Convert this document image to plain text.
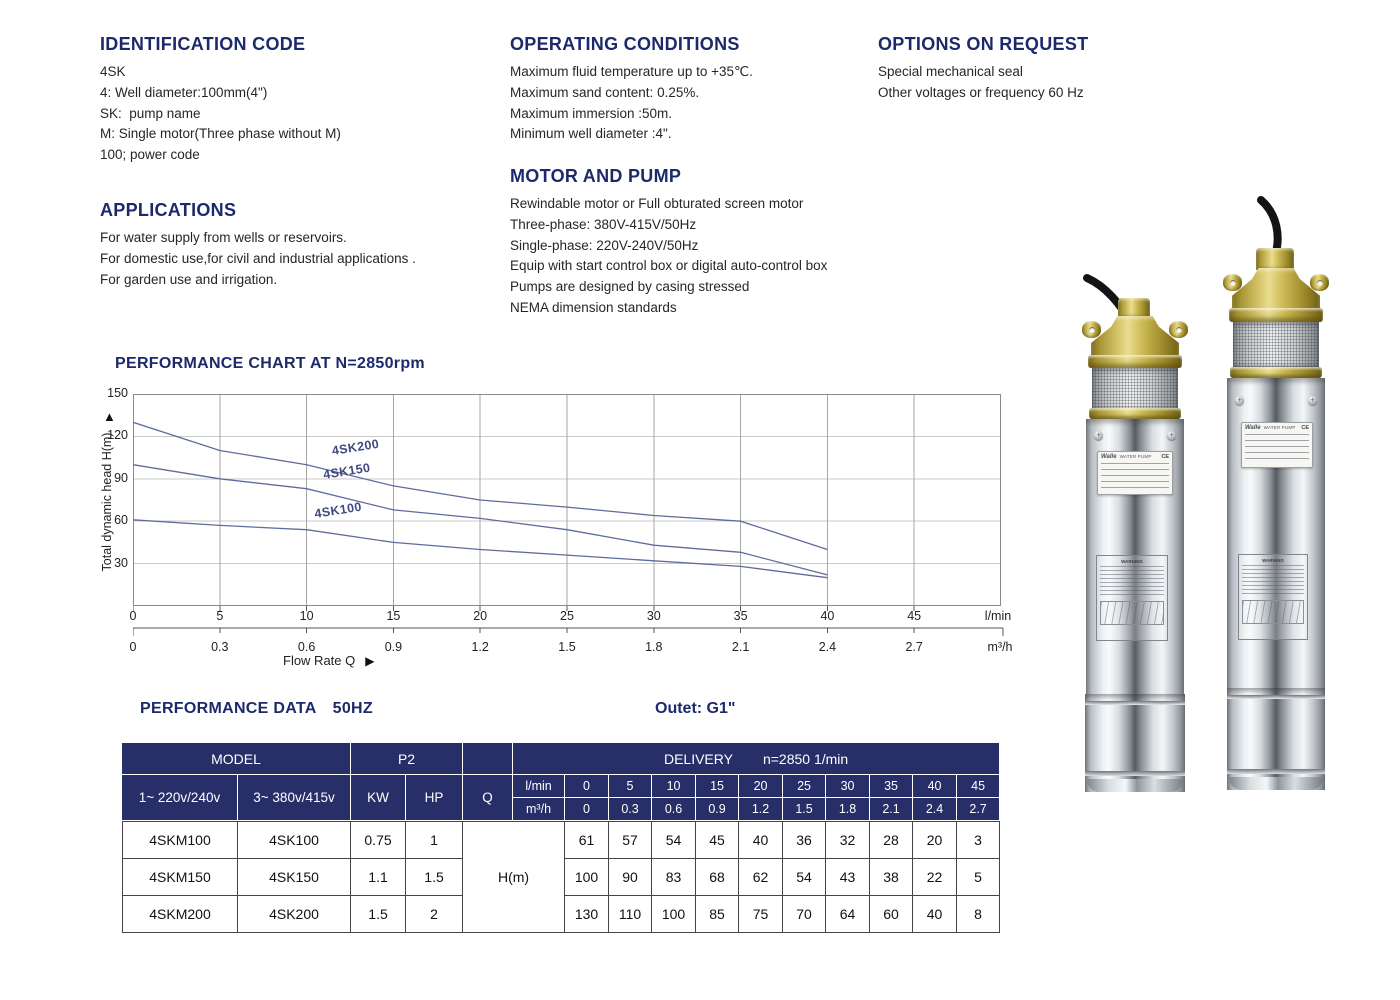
IDENTIFICATION CODE
4SK
4: Well diameter:100mm(4")
SK:  pump name
M: Single motor(Three phase without M)
100; power code
APPLICATIONS
For water supply from wells or reservoirs.
For domestic use,for civil and industrial applications .
For garden use and irrigation.
OPERATING CONDITIONS
Maximum fluid temperature up to +35℃.
Maximum sand content: 0.25%.
Maximum immersion :50m.
Minimum well diameter :4".
MOTOR AND PUMP
Rewindable motor or Full obturated screen motor
Three-phase: 380V-415V/50Hz
Single-phase: 220V-240V/50Hz
Equip with start control box or digital auto-control box
Pumps are designed by casing stressed
NEMA dimension standards
OPTIONS ON REQUEST
Special mechanical seal
Other voltages or frequency 60 Hz
PERFORMANCE CHART AT N=2850rpm
▲
Total dynamic head H(m)
150
120
90
60
30
4SK200
4SK150
4SK100
0	5	10	15	20	25	30	35	40	45	l/min
0	0.3	0.6	0.9	1.2	1.5	1.8	2.1	2.4	2.7	m³/h
Flow Rate Q ▶
PERFORMANCE DATA 50HZ	Outet: G1"
MODEL		P2			DELIVERY n=2850 1/min										
1~ 220v/240v	3~ 380v/415v	KW	HP	Q	l/min	0	5	10	15	20	25	30	35	40	45
					m³/h	0	0.3	0.6	0.9	1.2	1.5	1.8	2.1	2.4	2.7
4SKM100	4SK100	0.75	1	H(m)		61	57	54	45	40	36	32	28	20	3
4SKM150	4SK150	1.1	1.5			100	90	83	68	62	54	43	38	22	5
4SKM200	4SK200	1.5	2			130	110	100	85	75	70	64	60	40	8
+
+
Walle WATER PUMP CE
WARNING
+
+
Walle WATER PUMP CE
WARNING
